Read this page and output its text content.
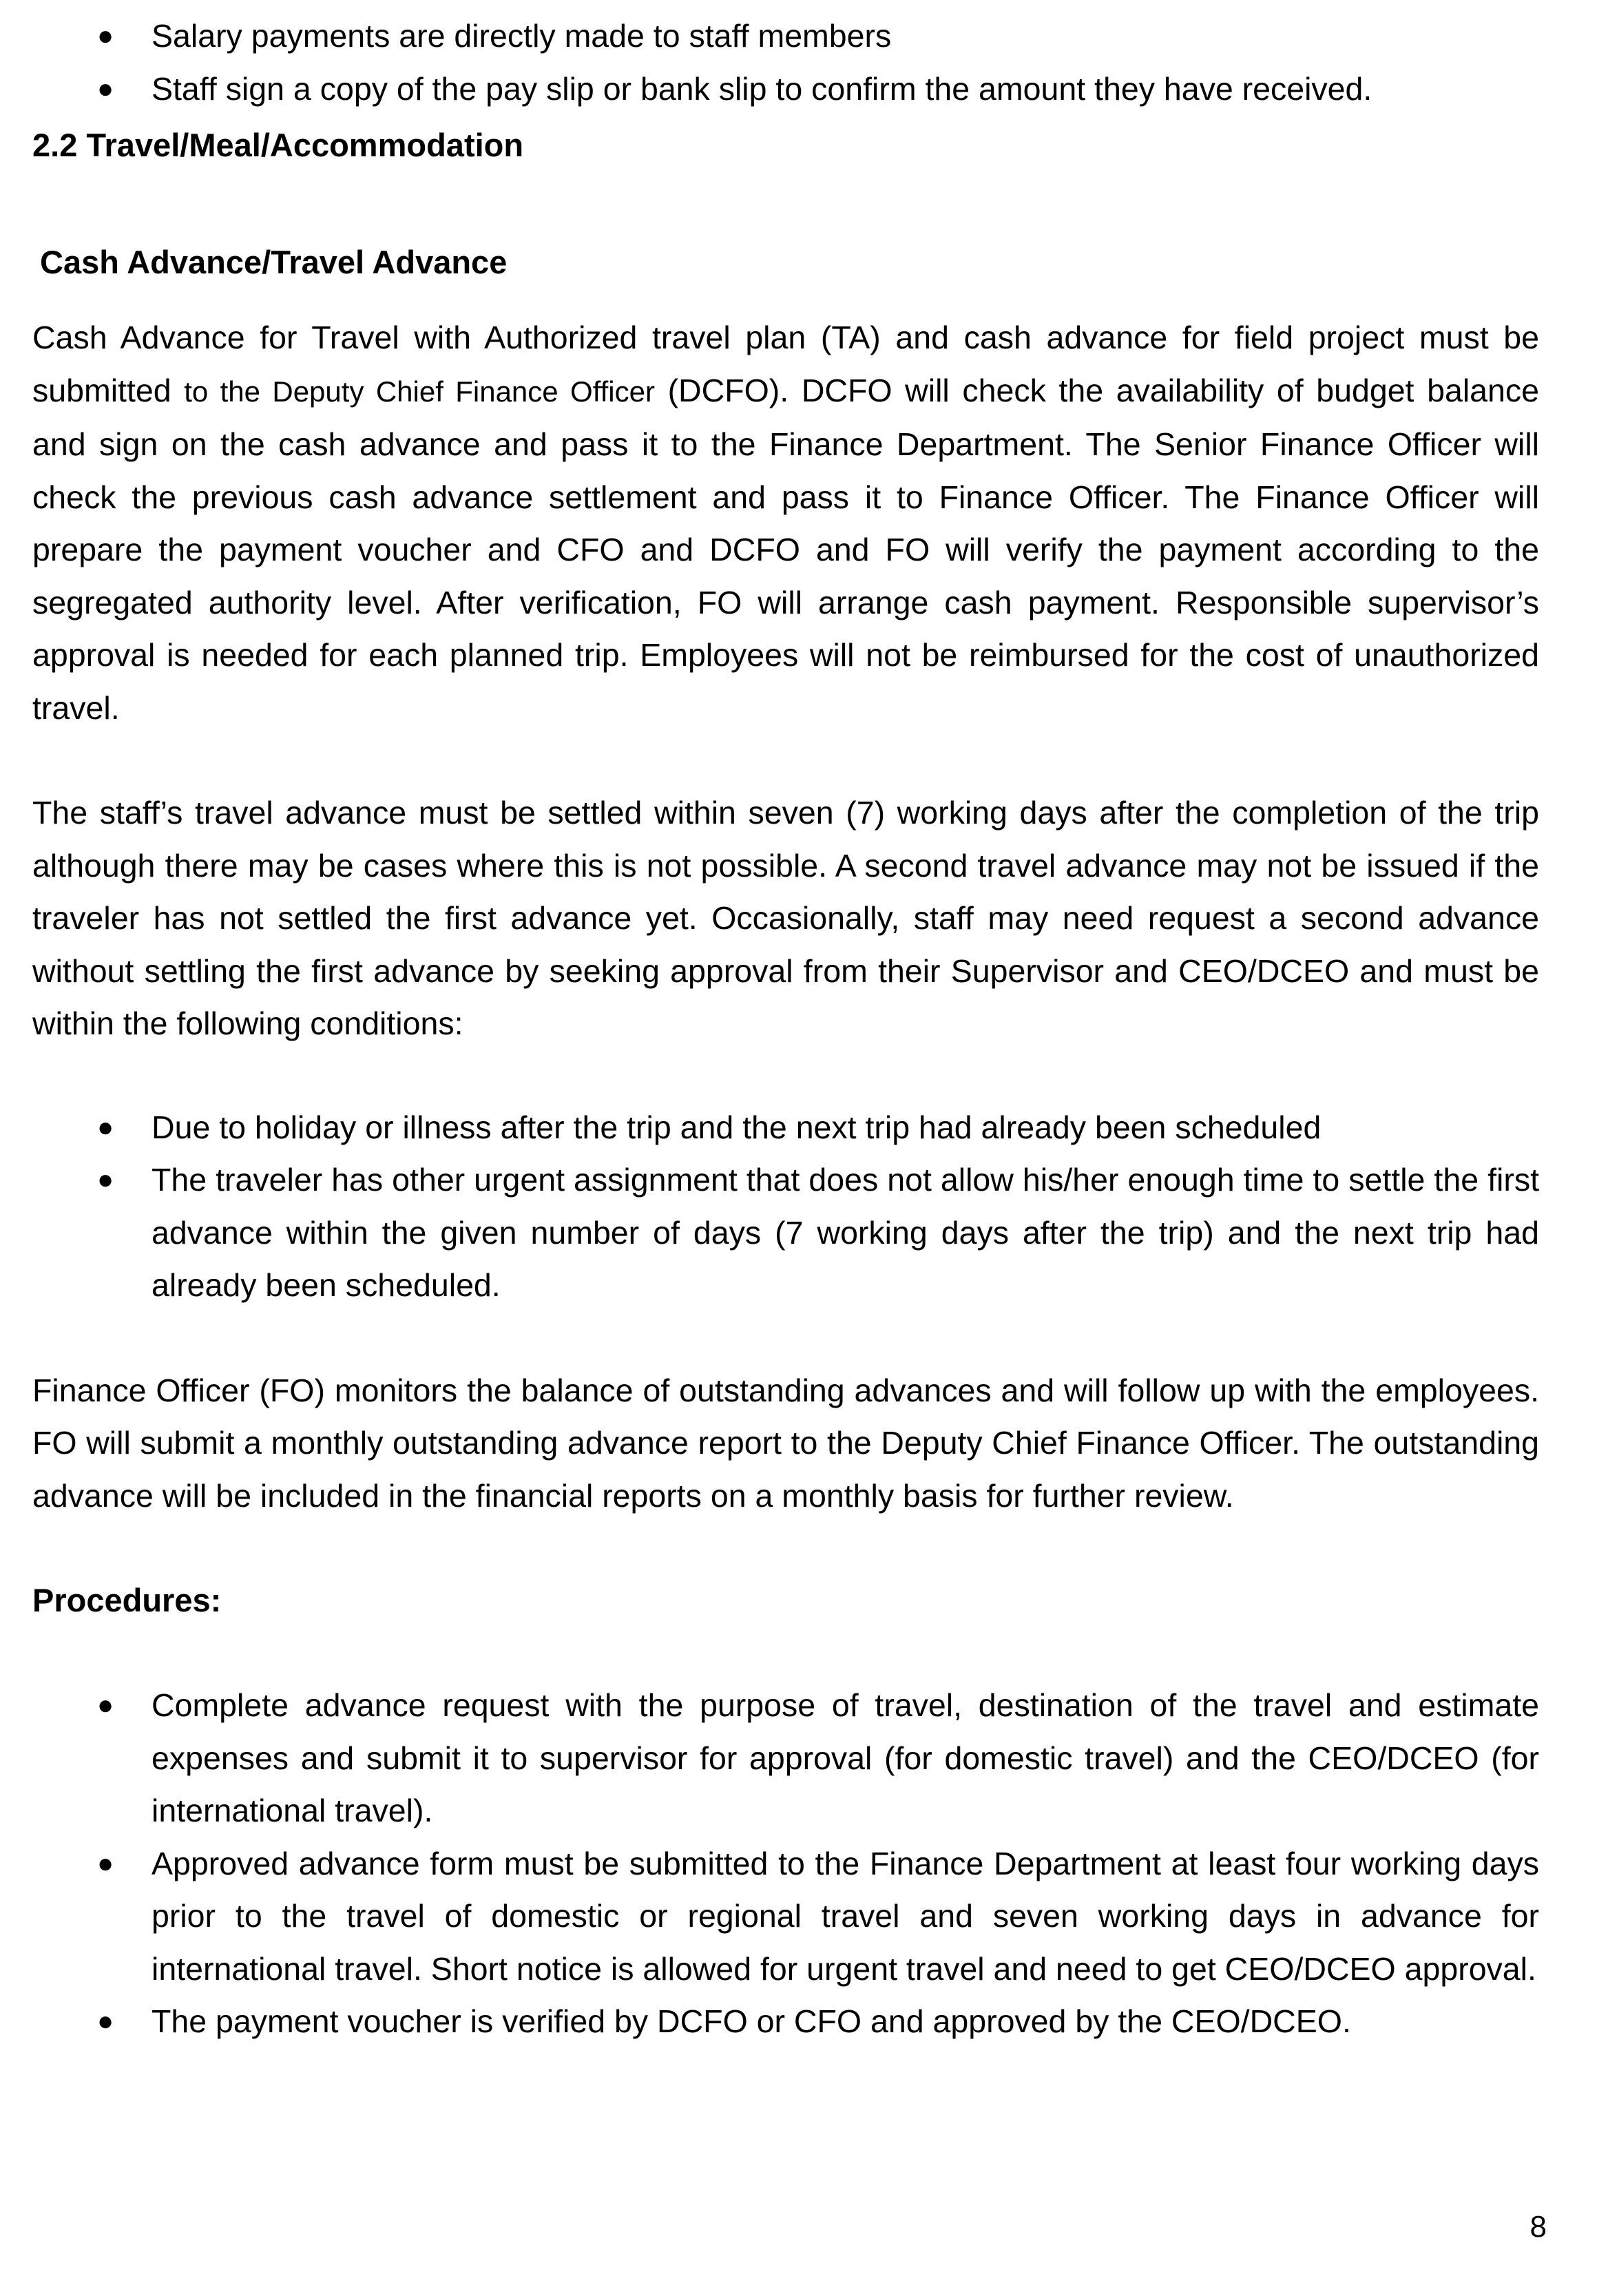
● Salary payments are directly made to staff members
● Staff sign a copy of the pay slip or bank slip to confirm the amount they have received.

2.2 Travel/Meal/Accommodation

Cash Advance/Travel Advance

Cash Advance for Travel with Authorized travel plan (TA) and cash advance for field project must be submitted to the Deputy Chief Finance Officer (DCFO). DCFO will check the availability of budget balance and sign on the cash advance and pass it to the Finance Department. The Senior Finance Officer will check the previous cash advance settlement and pass it to Finance Officer. The Finance Officer will prepare the payment voucher and CFO and DCFO and FO will verify the payment according to the segregated authority level. After verification, FO will arrange cash payment. Responsible supervisor’s approval is needed for each planned trip. Employees will not be reimbursed for the cost of unauthorized travel.

The staff’s travel advance must be settled within seven (7) working days after the completion of the trip although there may be cases where this is not possible. A second travel advance may not be issued if the traveler has not settled the first advance yet. Occasionally, staff may need request a second advance without settling the first advance by seeking approval from their Supervisor and CEO/DCEO and must be within the following conditions:

● Due to holiday or illness after the trip and the next trip had already been scheduled
● The traveler has other urgent assignment that does not allow his/her enough time to settle the first advance within the given number of days (7 working days after the trip) and the next trip had already been scheduled.

Finance Officer (FO) monitors the balance of outstanding advances and will follow up with the employees. FO will submit a monthly outstanding advance report to the Deputy Chief Finance Officer. The outstanding advance will be included in the financial reports on a monthly basis for further review.

Procedures:

● Complete advance request with the purpose of travel, destination of the travel and estimate expenses and submit it to supervisor for approval (for domestic travel) and the CEO/DCEO (for international travel).
● Approved advance form must be submitted to the Finance Department at least four working days prior to the travel of domestic or regional travel and seven working days in advance for international travel. Short notice is allowed for urgent travel and need to get CEO/DCEO approval.
● The payment voucher is verified by DCFO or CFO and approved by the CEO/DCEO.
8
